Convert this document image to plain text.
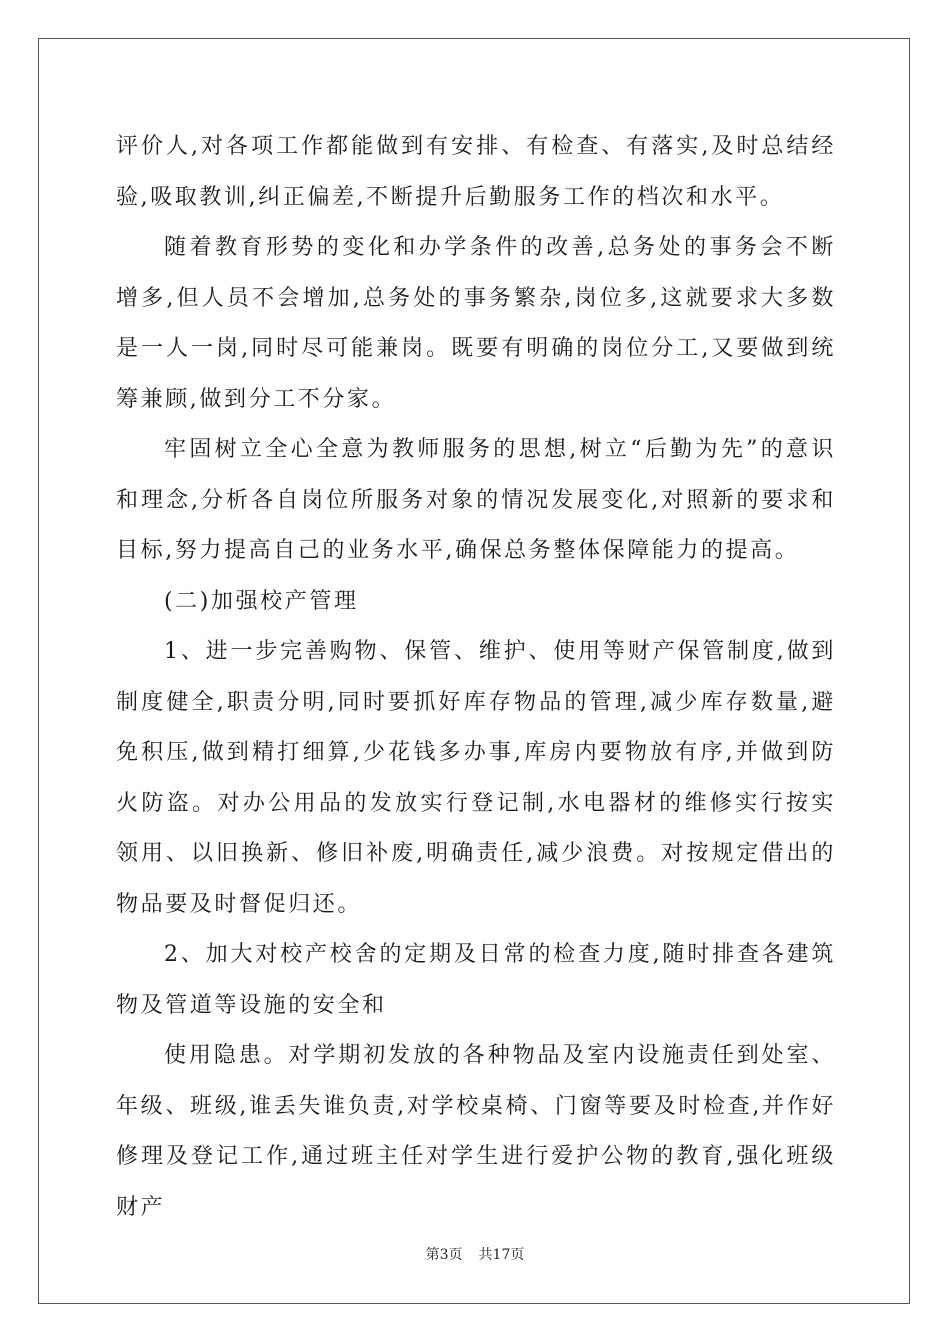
评价人,对各项工作都能做到有安排、有检查、有落实,及时总结经验,吸取教训,纠正偏差,不断提升后勤服务工作的档次和水平。

随着教育形势的变化和办学条件的改善,总务处的事务会不断增多,但人员不会增加,总务处的事务繁杂,岗位多,这就要求大多数是一人一岗,同时尽可能兼岗。既要有明确的岗位分工,又要做到统筹兼顾,做到分工不分家。

牢固树立全心全意为教师服务的思想,树立“后勤为先”的意识和理念,分析各自岗位所服务对象的情况发展变化,对照新的要求和目标,努力提高自己的业务水平,确保总务整体保障能力的提高。

(二)加强校产管理

1、进一步完善购物、保管、维护、使用等财产保管制度,做到制度健全,职责分明,同时要抓好库存物品的管理,减少库存数量,避免积压,做到精打细算,少花钱多办事,库房内要物放有序,并做到防火防盗。对办公用品的发放实行登记制,水电器材的维修实行按实领用、以旧换新、修旧补废,明确责任,减少浪费。对按规定借出的物品要及时督促归还。

2、加大对校产校舍的定期及日常的检查力度,随时排查各建筑物及管道等设施的安全和

使用隐患。对学期初发放的各种物品及室内设施责任到处室、年级、班级,谁丢失谁负责,对学校桌椅、门窗等要及时检查,并作好修理及登记工作,通过班主任对学生进行爱护公物的教育,强化班级财产

第3页 共17页
